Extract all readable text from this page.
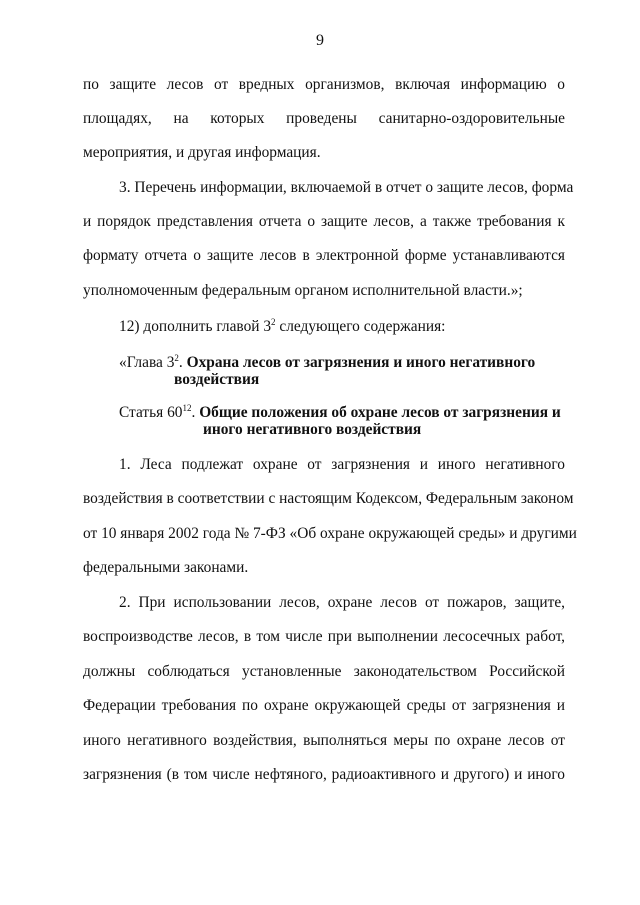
9
по защите лесов от вредных организмов, включая информацию о
площадях, на которых проведены санитарно-оздоровительные
мероприятия, и другая информация.
3. Перечень информации, включаемой в отчет о защите лесов, форма
и порядок представления отчета о защите лесов, а также требования к
формату отчета о защите лесов в электронной форме устанавливаются
уполномоченным федеральным органом исполнительной власти.»;
12) дополнить главой $3^2$ следующего содержания:
«Глава $3^2$. Охрана лесов от загрязнения и иного негативного
воздействия
Статья $60^{12}$. Общие положения об охране лесов от загрязнения и
иного негативного воздействия
1. Леса подлежат охране от загрязнения и иного негативного
воздействия в соответствии с настоящим Кодексом, Федеральным законом
от 10 января 2002 года № 7-ФЗ «Об охране окружающей среды» и другими
федеральными законами.
2. При использовании лесов, охране лесов от пожаров, защите,
воспроизводстве лесов, в том числе при выполнении лесосечных работ,
должны соблюдаться установленные законодательством Российской
Федерации требования по охране окружающей среды от загрязнения и
иного негативного воздействия, выполняться меры по охране лесов от
загрязнения (в том числе нефтяного, радиоактивного и другого) и иного
